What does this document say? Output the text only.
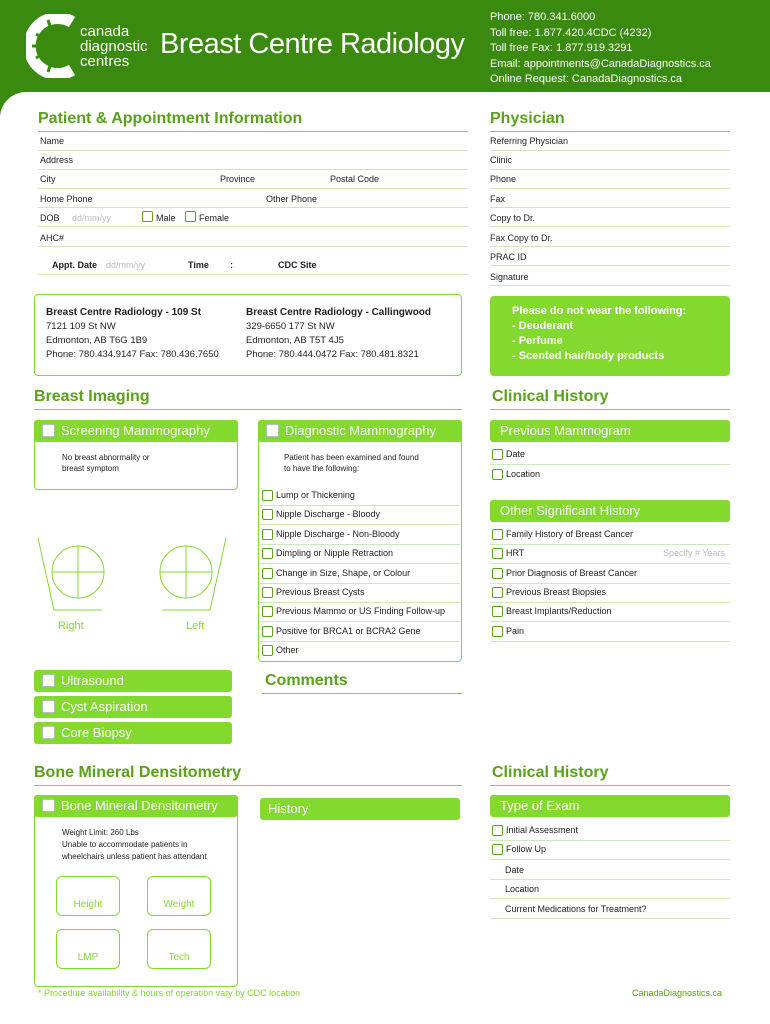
canada
diagnostic
centres
Breast Centre Radiology
Phone: 780.341.6000
Toll free: 1.877.420.4CDC (4232)
Toll free Fax: 1.877.919.3291
Email: appointments@CanadaDiagnostics.ca
Online Request: CanadaDiagnostics.ca
Patient & Appointment Information
Name
Address
City	Province	Postal Code
Home Phone	Other Phone
DOB dd/mm/yy	Male	Female
AHC#
Appt. Date dd/mm/yy	Time :	CDC Site
Physician
Referring Physician
Clinic
Phone
Fax
Copy to Dr.
Fax Copy to Dr.
PRAC ID
Signature
Breast Centre Radiology - 109 St
7121 109 St NW
Edmonton, AB T6G 1B9
Phone: 780.434.9147 Fax: 780.436.7650
Breast Centre Radiology - Callingwood
329-6650 177 St NW
Edmonton, AB T5T 4J5
Phone: 780.444.0472 Fax: 780.481.8321
Please do not wear the following:
- Deoderant
- Perfume
- Scented hair/body products
Breast Imaging
Screening Mammography
No breast abnormality or
breast symptom
Diagnostic Mammography
Patient has been examined and found
to have the following:
Lump or Thickening
Nipple Discharge - Bloody
Nipple Discharge - Non-Bloody
Dimpling or Nipple Retraction
Change in Size, Shape, or Colour
Previous Breast Cysts
Previous Mammo or US Finding Follow-up
Positive for BRCA1 or BCRA2 Gene
Other
Right	Left
Ultrasound
Cyst Aspiration
Core Biopsy
Comments
Clinical History
Previous Mammogram
Date
Location
Other Significant History
Family History of Breast Cancer
HRT	Specify # Years
Prior Diagnosis of Breast Cancer
Previous Breast Biopsies
Breast Implants/Reduction
Pain
Bone Mineral Densitometry
Bone Mineral Densitometry
Weight Limit: 260 Lbs
Unable to accommodate patients in
wheelchairs unless patient has attendant
Height	Weight
LMP	Tech
History
Clinical History
Type of Exam
Initial Assessment
Follow Up
Date
Location
Current Medications for Treatment?
* Procedure availability & hours of operation vary by CDC location	CanadaDiagnostics.ca
